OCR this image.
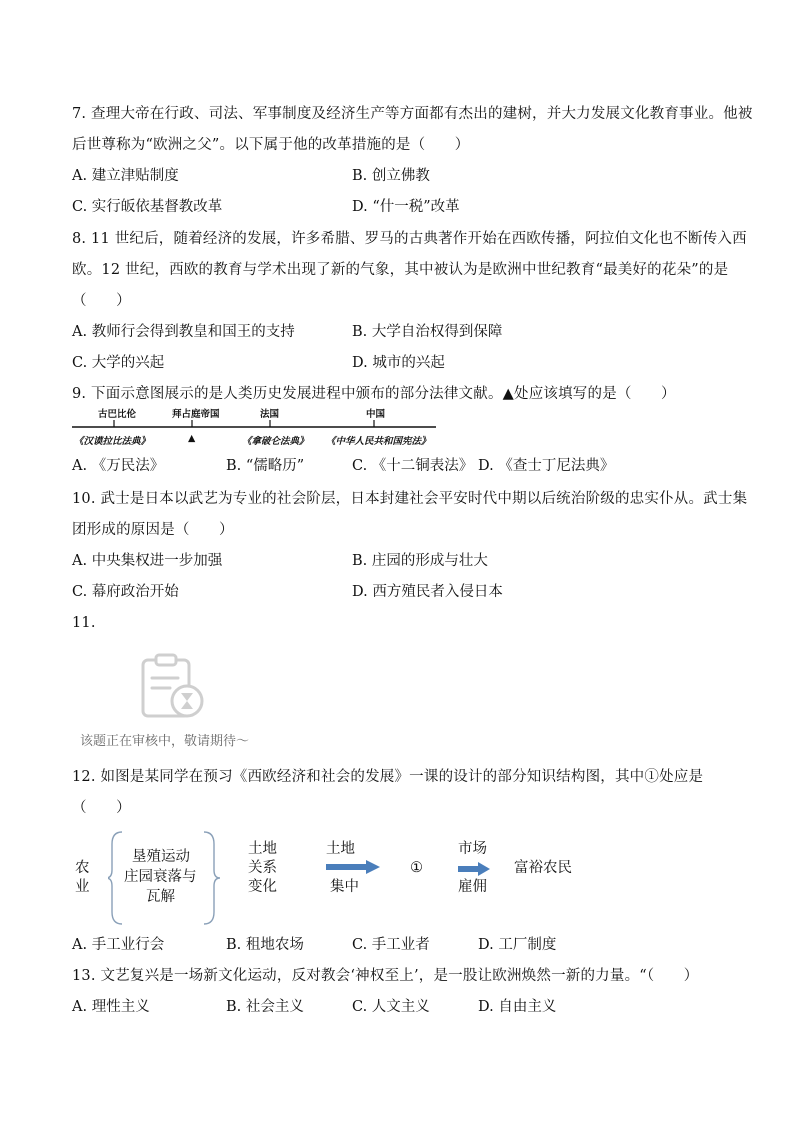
7. 查理大帝在行政、司法、军事制度及经济生产等方面都有杰出的建树，并大力发展文化教育事业。他被
后世尊称为“欧洲之父”。以下属于他的改革措施的是（　　）
A. 建立津贴制度	B. 创立佛教
C. 实行皈依基督教改革	D. “什一税”改革
8. 11 世纪后，随着经济的发展，许多希腊、罗马的古典著作开始在西欧传播，阿拉伯文化也不断传入西
欧。12 世纪，西欧的教育与学术出现了新的气象，其中被认为是欧洲中世纪教育“最美好的花朵”的是
（　　）
A. 教师行会得到教皇和国王的支持	B. 大学自治权得到保障
C. 大学的兴起	D. 城市的兴起
9. 下面示意图展示的是人类历史发展进程中颁布的部分法律文献。▲处应该填写的是（　　）
古巴比伦	拜占庭帝国	法国	中国
《汉谟拉比法典》	▲	《拿破仑法典》 《中华人民共和国宪法》
A. 《万民法》	B. “儒略历”	C. 《十二铜表法》 D. 《查士丁尼法典》
10. 武士是日本以武艺为专业的社会阶层，日本封建社会平安时代中期以后统治阶级的忠实仆从。武士集
团形成的原因是（　　）
A. 中央集权进一步加强	B. 庄园的形成与壮大
C. 幕府政治开始	D. 西方殖民者入侵日本
11.
该题正在审核中，敬请期待～
12. 如图是某同学在预习《西欧经济和社会的发展》一课的设计的部分知识结构图，其中①处应是
（　　）
农
业
垦殖运动
庄园衰落与
瓦解
土地
关系
变化
土地
集中
①
市场
雇佣
富裕农民
A. 手工业行会	B. 租地农场	C. 手工业者	D. 工厂制度
13. 文艺复兴是一场新文化运动，反对教会‘神权至上’，是一股让欧洲焕然一新的力量。“（　　）
A. 理性主义	B. 社会主义	C. 人文主义	D. 自由主义
